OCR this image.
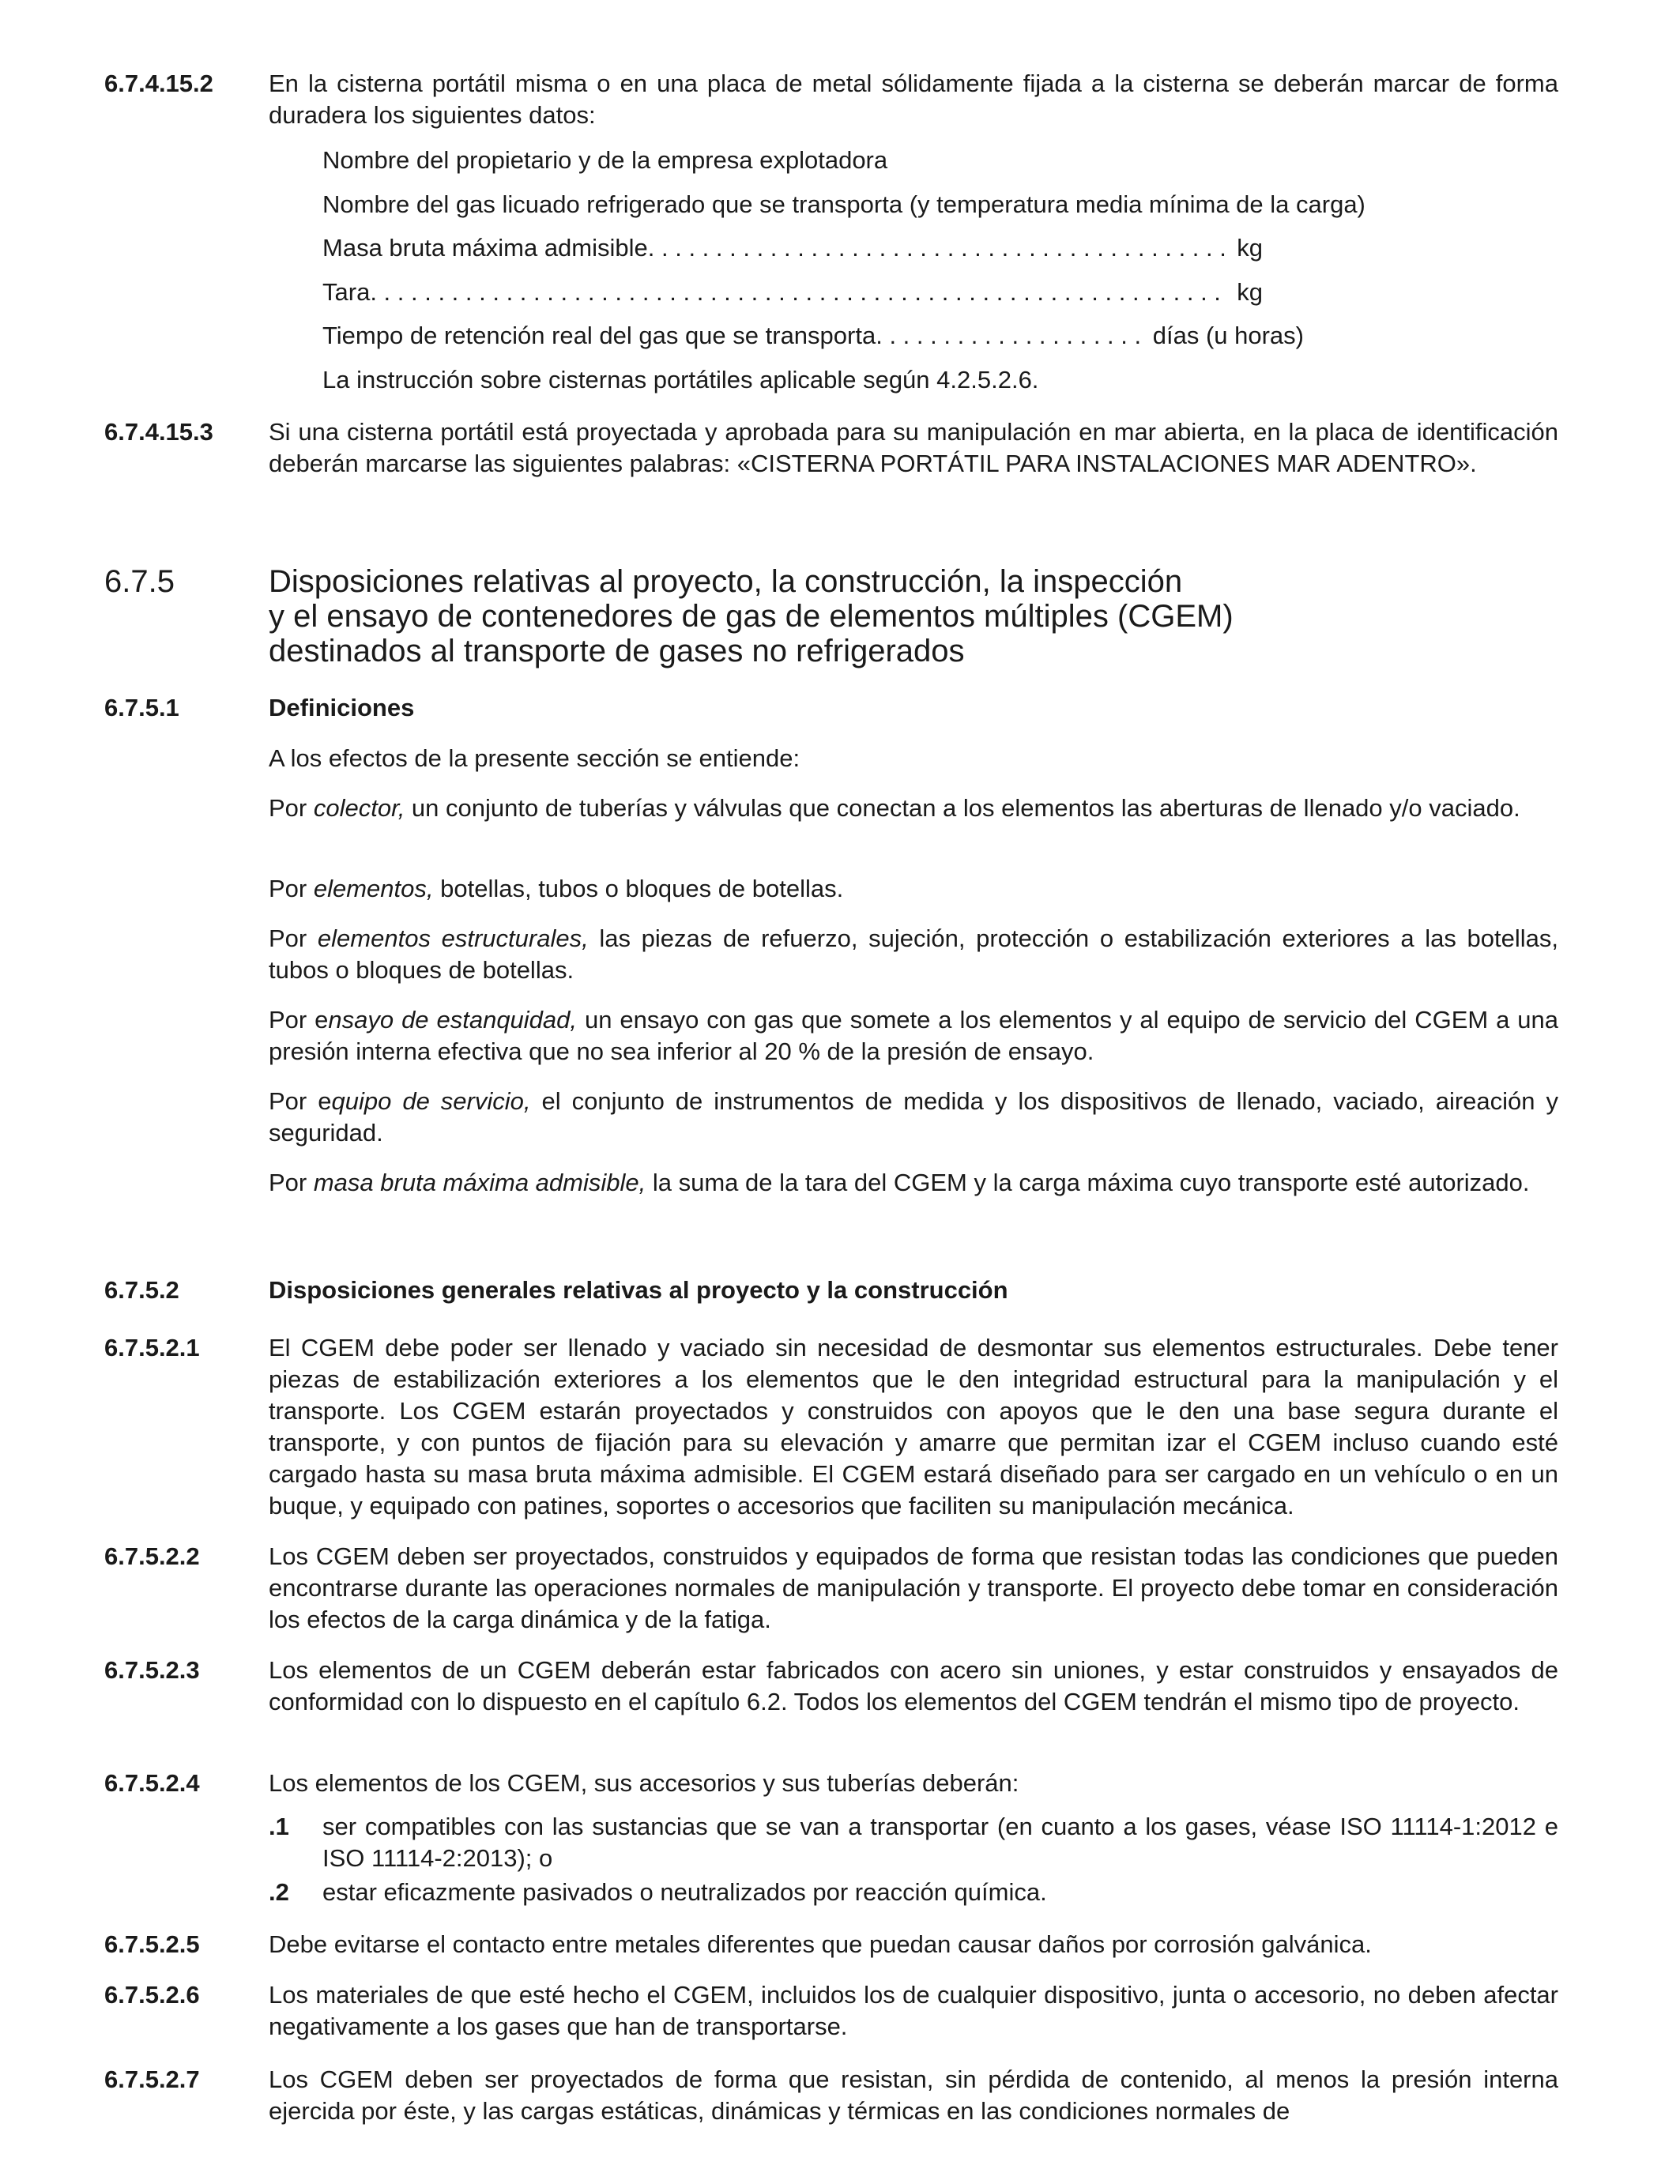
6.7.4.15.2 En la cisterna portátil misma o en una placa de metal sólidamente fijada a la cisterna se deberán marcar de forma duradera los siguientes datos:

Nombre del propietario y de la empresa explotadora
Nombre del gas licuado refrigerado que se transporta (y temperatura media mínima de la carga)
Masa bruta máxima admisible . . .	kg
Tara . . .	kg
Tiempo de retención real del gas que se transporta . . .	días (u horas)
La instrucción sobre cisternas portátiles aplicable según 4.2.5.2.6.
6.7.4.15.3 Si una cisterna portátil está proyectada y aprobada para su manipulación en mar abierta, en la placa de identificación deberán marcarse las siguientes palabras: «CISTERNA PORTÁTIL PARA INSTALACIONES MAR ADENTRO».

6.7.5	Disposiciones relativas al proyecto, la construcción, la inspección
y el ensayo de contenedores de gas de elementos múltiples (CGEM)
destinados al transporte de gases no refrigerados
6.7.5.1	Definiciones

A los efectos de la presente sección se entiende:

Por colector, un conjunto de tuberías y válvulas que conectan a los elementos las aberturas de llenado y/o vaciado.

Por elementos, botellas, tubos o bloques de botellas.

Por elementos estructurales, las piezas de refuerzo, sujeción, protección o estabilización exteriores a las botellas, tubos o bloques de botellas.

Por ensayo de estanquidad, un ensayo con gas que somete a los elementos y al equipo de servicio del CGEM a una presión interna efectiva que no sea inferior al 20 % de la presión de ensayo.

Por equipo de servicio, el conjunto de instrumentos de medida y los dispositivos de llenado, vaciado, aireación y seguridad.

Por masa bruta máxima admisible, la suma de la tara del CGEM y la carga máxima cuyo transporte esté autorizado.

6.7.5.2	Disposiciones generales relativas al proyecto y la construcción
6.7.5.2.1	El CGEM debe poder ser llenado y vaciado sin necesidad de desmontar sus elementos estructurales. Debe tener piezas de estabilización exteriores a los elementos que le den integridad estructural para la manipulación y el transporte. Los CGEM estarán proyectados y construidos con apoyos que le den una base segura durante el transporte, y con puntos de fijación para su elevación y amarre que permitan izar el CGEM incluso cuando esté cargado hasta su masa bruta máxima admisible. El CGEM estará diseñado para ser cargado en un vehículo o en un buque, y equipado con patines, soportes o accesorios que faciliten su manipulación mecánica.

6.7.5.2.2	Los CGEM deben ser proyectados, construidos y equipados de forma que resistan todas las condiciones que pueden encontrarse durante las operaciones normales de manipulación y transporte. El proyecto debe tomar en consideración los efectos de la carga dinámica y de la fatiga.

6.7.5.2.3	Los elementos de un CGEM deberán estar fabricados con acero sin uniones, y estar construidos y ensayados de conformidad con lo dispuesto en el capítulo 6.2. Todos los elementos del CGEM tendrán el mismo tipo de proyecto.

6.7.5.2.4	Los elementos de los CGEM, sus accesorios y sus tuberías deberán:

.1 ser compatibles con las sustancias que se van a transportar (en cuanto a los gases, véase ISO 11114-1:2012 e ISO 11114-2:2013); o

.2 estar eficazmente pasivados o neutralizados por reacción química.

6.7.5.2.5	Debe evitarse el contacto entre metales diferentes que puedan causar daños por corrosión galvánica.

6.7.5.2.6	Los materiales de que esté hecho el CGEM, incluidos los de cualquier dispositivo, junta o accesorio, no deben afectar negativamente a los gases que han de transportarse.

6.7.5.2.7	Los CGEM deben ser proyectados de forma que resistan, sin pérdida de contenido, al menos la presión interna ejercida por éste, y las cargas estáticas, dinámicas y térmicas en las condiciones normales de
